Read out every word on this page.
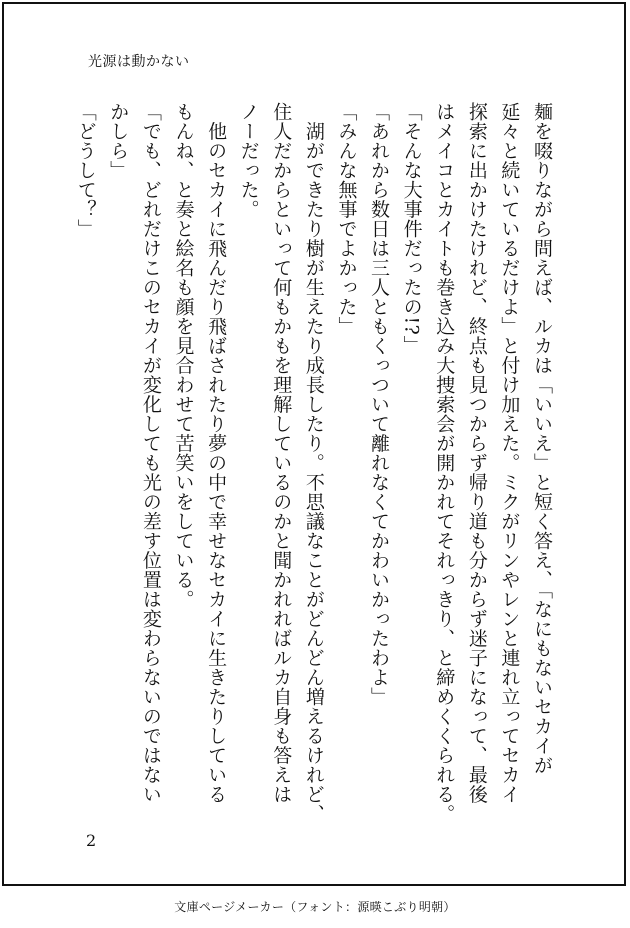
光源は動かない
麺を啜りながら問えば、ルカは「いいえ」と短く答え、「なにもないセカイが
延々と続いているだけよ」と付け加えた。ミクがリンやレンと連れ立ってセカイ
探索に出かけたけれど、終点も見つからず帰り道も分からず迷子になって、最後
はメイコとカイトも巻き込み大捜索会が開かれてそれっきり、と締めくくられる。
「そんな大事件だったの!?」
「あれから数日は三人ともくっついて離れなくてかわいかったわよ」
「みんな無事でよかった」
　湖ができたり樹が生えたり成長したり。不思議なことがどんどん増えるけれど、
住人だからといって何もかもを理解しているのかと聞かれればルカ自身も答えは
ノーだった。
　他のセカイに飛んだり飛ばされたり夢の中で幸せなセカイに生きたりしている
もんね、と奏と絵名も顔を見合わせて苦笑いをしている。
「でも、どれだけこのセカイが変化しても光の差す位置は変わらないのではない
かしら」
「どうして？」
2
文庫ページメーカー（フォント：源暎こぶり明朝）
